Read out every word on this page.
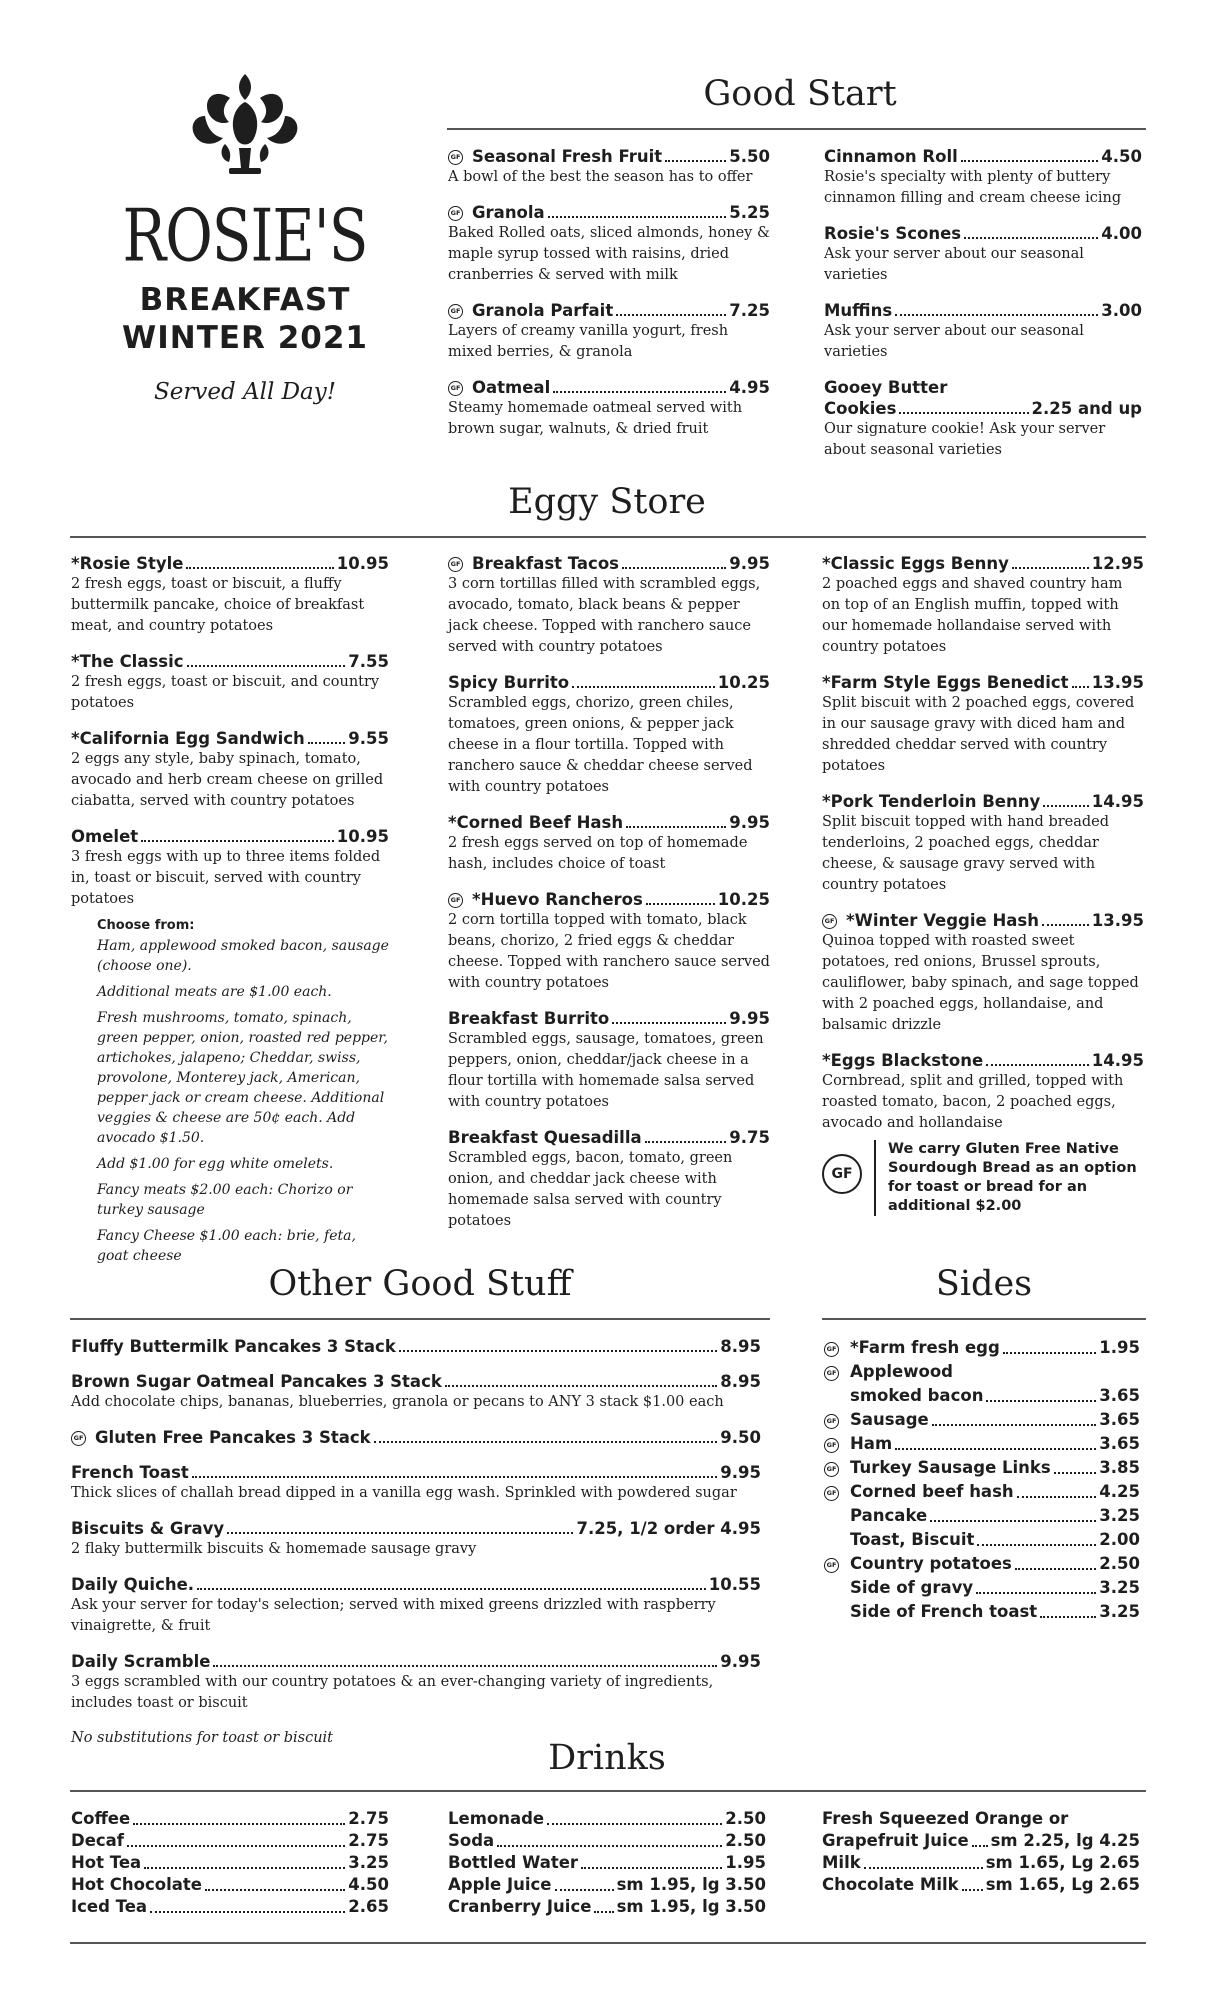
ROSIE'S
BREAKFAST
WINTER 2021
Served All Day!
Good Start
GF Seasonal Fresh Fruit	5.50
A bowl of the best the season has to offer
GF Granola	5.25
Baked Rolled oats, sliced almonds, honey & maple syrup tossed with raisins, dried cranberries & served with milk
GF Granola Parfait	7.25
Layers of creamy vanilla yogurt, fresh mixed berries, & granola
GF Oatmeal	4.95
Steamy homemade oatmeal served with brown sugar, walnuts, & dried fruit
Cinnamon Roll	4.50
Rosie's specialty with plenty of buttery cinnamon filling and cream cheese icing
Rosie's Scones	4.00
Ask your server about our seasonal varieties
Muffins	3.00
Ask your server about our seasonal varieties
Gooey Butter
Cookies	2.25 and up
Our signature cookie! Ask your server about seasonal varieties
Eggy Store
*Rosie Style	10.95
2 fresh eggs, toast or biscuit, a fluffy buttermilk pancake, choice of breakfast meat, and country potatoes
*The Classic	7.55
2 fresh eggs, toast or biscuit, and country potatoes
*California Egg Sandwich	9.55
2 eggs any style, baby spinach, tomato, avocado and herb cream cheese on grilled ciabatta, served with country potatoes
Omelet	10.95
3 fresh eggs with up to three items folded in, toast or biscuit, served with country potatoes
Choose from:
Ham, applewood smoked bacon, sausage (choose one).
Additional meats are $1.00 each.
Fresh mushrooms, tomato, spinach, green pepper, onion, roasted red pepper, artichokes, jalapeno; Cheddar, swiss, provolone, Monterey jack, American, pepper jack or cream cheese. Additional veggies & cheese are 50¢ each. Add avocado $1.50.
Add $1.00 for egg white omelets.
Fancy meats $2.00 each: Chorizo or turkey sausage
Fancy Cheese $1.00 each: brie, feta, goat cheese
GF Breakfast Tacos	9.95
3 corn tortillas filled with scrambled eggs, avocado, tomato, black beans & pepper jack cheese. Topped with ranchero sauce served with country potatoes
Spicy Burrito	10.25
Scrambled eggs, chorizo, green chiles, tomatoes, green onions, & pepper jack cheese in a flour tortilla. Topped with ranchero sauce & cheddar cheese served with country potatoes
*Corned Beef Hash	9.95
2 fresh eggs served on top of homemade hash, includes choice of toast
GF *Huevo Rancheros	10.25
2 corn tortilla topped with tomato, black beans, chorizo, 2 fried eggs & cheddar cheese. Topped with ranchero sauce served with country potatoes
Breakfast Burrito	9.95
Scrambled eggs, sausage, tomatoes, green peppers, onion, cheddar/jack cheese in a flour tortilla with homemade salsa served with country potatoes
Breakfast Quesadilla	9.75
Scrambled eggs, bacon, tomato, green onion, and cheddar jack cheese with homemade salsa served with country potatoes
*Classic Eggs Benny	12.95
2 poached eggs and shaved country ham on top of an English muffin, topped with our homemade hollandaise served with country potatoes
*Farm Style Eggs Benedict 13.95
Split biscuit with 2 poached eggs, covered in our sausage gravy with diced ham and shredded cheddar served with country potatoes
*Pork Tenderloin Benny	14.95
Split biscuit topped with hand breaded tenderloins, 2 poached eggs, cheddar cheese, & sausage gravy served with country potatoes
GF *Winter Veggie Hash	13.95
Quinoa topped with roasted sweet potatoes, red onions, Brussel sprouts, cauliflower, baby spinach, and sage topped with 2 poached eggs, hollandaise, and balsamic drizzle
*Eggs Blackstone	14.95
Cornbread, split and grilled, topped with roasted tomato, bacon, 2 poached eggs, avocado and hollandaise
GF
We carry Gluten Free Native Sourdough Bread as an option for toast or bread for an additional $2.00
Other Good Stuff
Fluffy Buttermilk Pancakes 3 Stack	8.95
Brown Sugar Oatmeal Pancakes 3 Stack	8.95
Add chocolate chips, bananas, blueberries, granola or pecans to ANY 3 stack $1.00 each
GF Gluten Free Pancakes 3 Stack	9.50
French Toast	9.95
Thick slices of challah bread dipped in a vanilla egg wash. Sprinkled with powdered sugar
Biscuits & Gravy	7.25, 1/2 order 4.95
2 flaky buttermilk biscuits & homemade sausage gravy
Daily Quiche.	10.55
Ask your server for today's selection; served with mixed greens drizzled with raspberry vinaigrette, & fruit
Daily Scramble	9.95
3 eggs scrambled with our country potatoes & an ever-changing variety of ingredients, includes toast or biscuit
No substitutions for toast or biscuit
Sides
GF *Farm fresh egg	1.95
GF Applewood
smoked bacon	3.65
GF Sausage	3.65
GF Ham	3.65
GF Turkey Sausage Links	3.85
GF Corned beef hash	4.25
Pancake	3.25
Toast, Biscuit	2.00
GF Country potatoes	2.50
Side of gravy	3.25
Side of French toast	3.25
Drinks
Coffee	2.75
Decaf	2.75
Hot Tea	3.25
Hot Chocolate	4.50
Iced Tea	2.65
Lemonade	2.50
Soda	2.50
Bottled Water	1.95
Apple Juice	sm 1.95, lg 3.50
Cranberry Juice sm 1.95, lg 3.50
Fresh Squeezed Orange or
Grapefruit Juice sm 2.25, lg 4.25
Milk	sm 1.65, Lg 2.65
Chocolate Milk sm 1.65, Lg 2.65
